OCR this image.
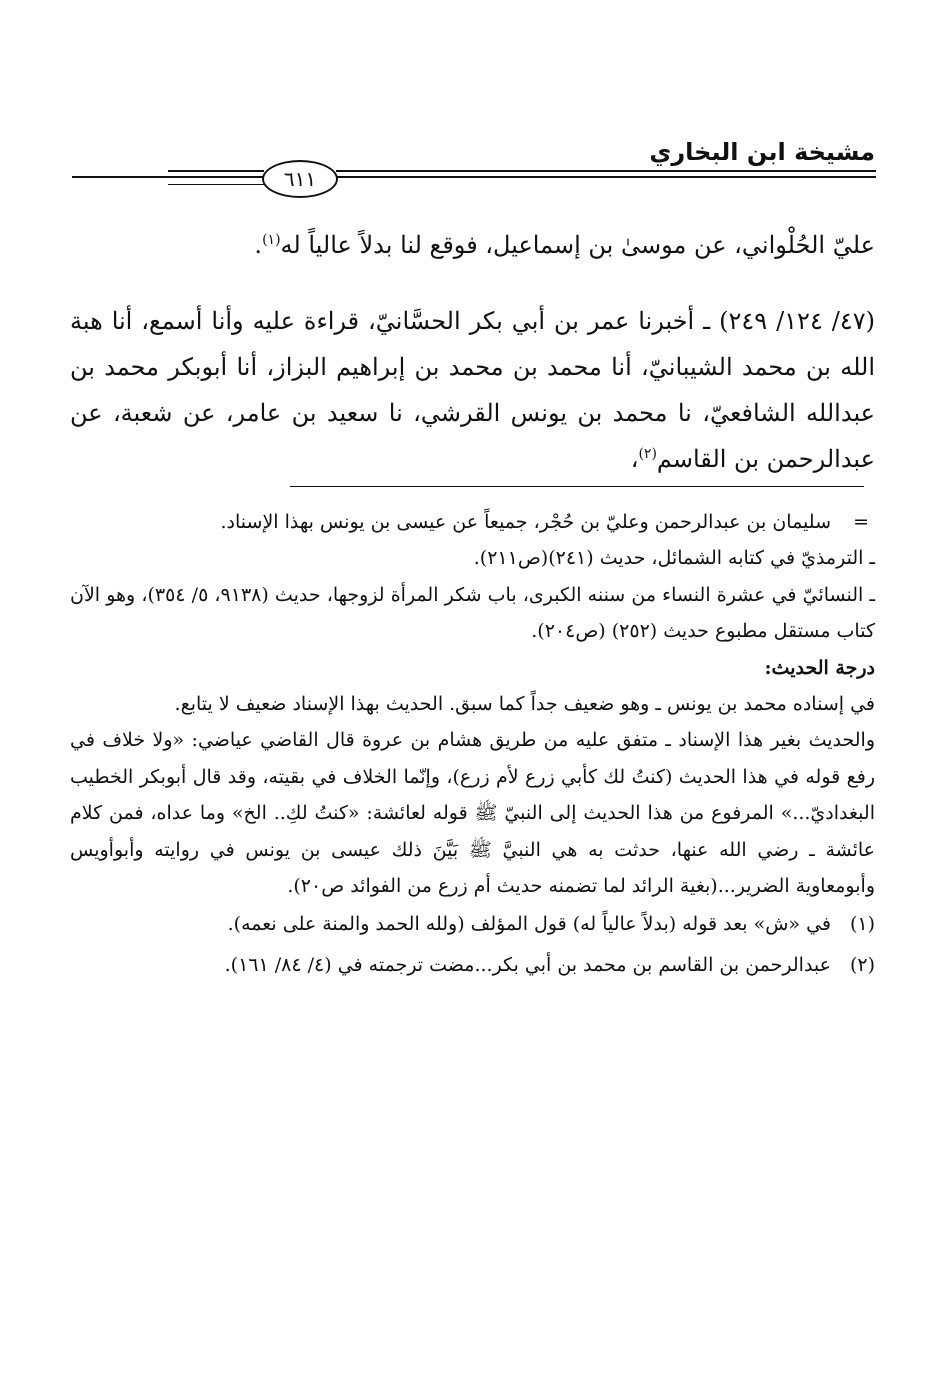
مشيخة ابن البخاري
٦١١

عليّ الحُلْواني، عن موسىٰ بن إسماعيل، فوقع لنا بدلاً عالياً له$^{(١)}$.

(٤٧/ ١٢٤/ ٢٤٩) ـ أخبرنا عمر بن أبي بكر الحسَّانيّ، قراءة عليه وأنا أسمع، أنا هبة الله بن محمد الشيبانيّ، أنا محمد بن محمد بن إبراهيم البزاز، أنا أبوبكر محمد بن عبدالله الشافعيّ، نا محمد بن يونس القرشي، نا سعيد بن عامر، عن شعبة، عن عبدالرحمن بن القاسم$^{(٢)}$،

=

سليمان بن عبدالرحمن وعليّ بن حُجْر، جميعاً عن عيسى بن يونس بهذا الإسناد.

ـ الترمذيّ في كتابه الشمائل، حديث (٢٤١)(ص٢١١).

ـ النسائيّ في عشرة النساء من سننه الكبرى، باب شكر المرأة لزوجها، حديث (٩١٣٨، ٥/ ٣٥٤)، وهو الآن كتاب مستقل مطبوع حديث (٢٥٢) (ص٢٠٤).

درجة الحديث:

في إسناده محمد بن يونس ـ وهو ضعيف جداً كما سبق. الحديث بهذا الإسناد ضعيف لا يتابع.

والحديث بغير هذا الإسناد ـ متفق عليه من طريق هشام بن عروة قال القاضي عياضي: «ولا خلاف في رفع قوله في هذا الحديث (كنتُ لك كأبي زرع لأم زرع)، وإنّما الخلاف في بقيته، وقد قال أبوبكر الخطيب البغداديّ...» المرفوع من هذا الحديث إلى النبيّ ﷺ قوله لعائشة: «كنتُ لكِ.. الخ» وما عداه، فمن كلام عائشة ـ رضي الله عنها، حدثت به هي النبيَّ ﷺ بَيَّنَ ذلك عيسى بن يونس في روايته وأبوأويس وأبومعاوية الضرير...(بغية الرائد لما تضمنه حديث أم زرع من الفوائد ص٢٠).

(١)

في «ش» بعد قوله (بدلاً عالياً له) قول المؤلف (ولله الحمد والمنة على نعمه).

(٢)

عبدالرحمن بن القاسم بن محمد بن أبي بكر...مضت ترجمته في (٤/ ٨٤/ ١٦١).
